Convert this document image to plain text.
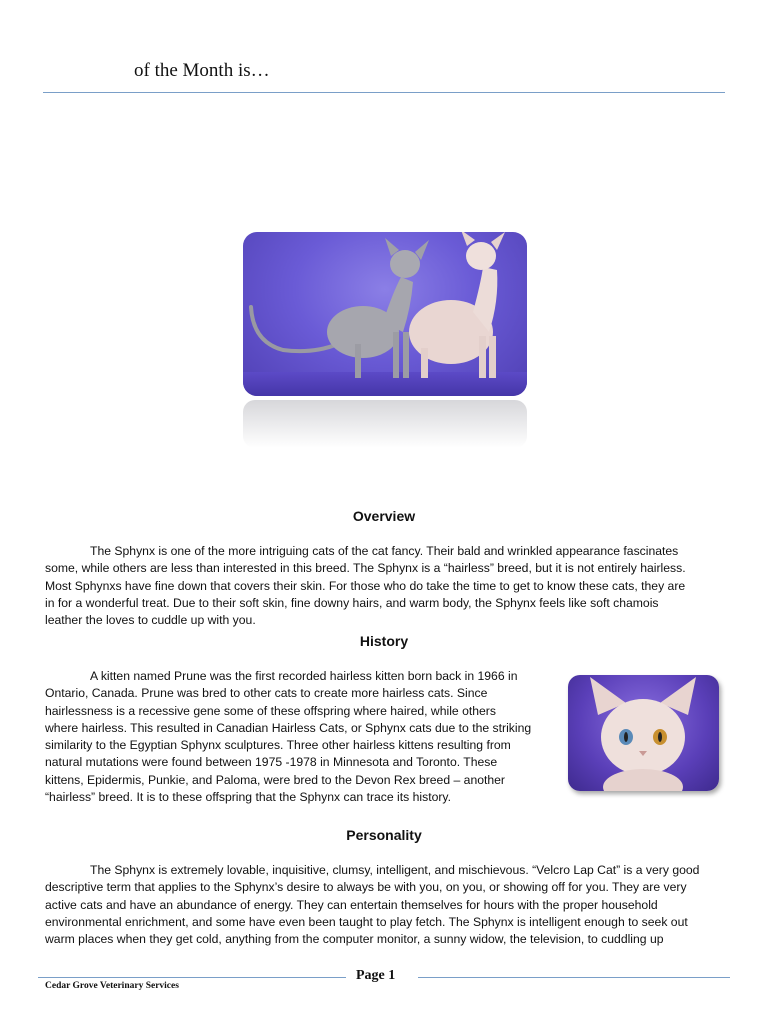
of the Month is…
Overview
The Sphynx is one of the more intriguing cats of the cat fancy. Their bald and wrinkled appearance fascinates
some, while others are less than interested in this breed. The Sphynx is a “hairless” breed, but it is not entirely hairless.
Most Sphynxs have fine down that covers their skin. For those who do take the time to get to know these cats, they are
in for a wonderful treat. Due to their soft skin, fine downy hairs, and warm body, the Sphynx feels like soft chamois
leather the loves to cuddle up with you.
History
A kitten named Prune was the first recorded hairless kitten born back in 1966 in
Ontario, Canada. Prune was bred to other cats to create more hairless cats. Since
hairlessness is a recessive gene some of these offspring where haired, while others
where hairless. This resulted in Canadian Hairless Cats, or Sphynx cats due to the striking
similarity to the Egyptian Sphynx sculptures. Three other hairless kittens resulting from
natural mutations were found between 1975 -1978 in Minnesota and Toronto. These
kittens, Epidermis, Punkie, and Paloma, were bred to the Devon Rex breed – another
“hairless” breed. It is to these offspring that the Sphynx can trace its history.
Personality
The Sphynx is extremely lovable, inquisitive, clumsy, intelligent, and mischievous. “Velcro Lap Cat” is a very good
descriptive term that applies to the Sphynx’s desire to always be with you, on you, or showing off for you. They are very
active cats and have an abundance of energy. They can entertain themselves for hours with the proper household
environmental enrichment, and some have even been taught to play fetch. The Sphynx is intelligent enough to seek out
warm places when they get cold, anything from the computer monitor, a sunny widow, the television, to cuddling up
Page 1
Cedar Grove Veterinary Services
